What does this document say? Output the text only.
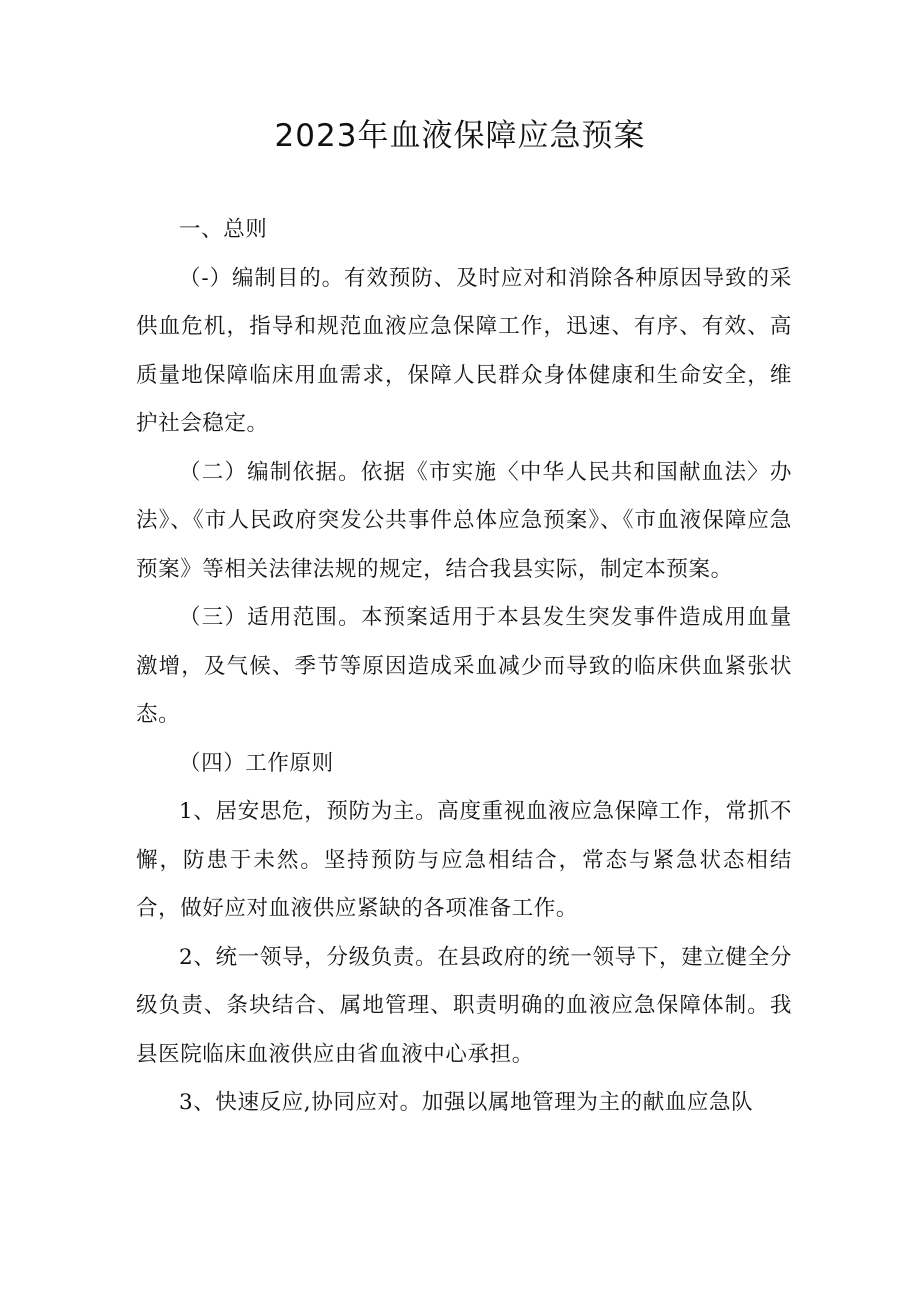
2023年血液保障应急预案

一、总则

（-）编制目的。有效预防、及时应对和消除各种原因导致的采供血危机，指导和规范血液应急保障工作，迅速、有序、有效、高质量地保障临床用血需求，保障人民群众身体健康和生命安全，维护社会稳定。

（二）编制依据。依据《市实施〈中华人民共和国献血法〉办法》、《市人民政府突发公共事件总体应急预案》、《市血液保障应急预案》等相关法律法规的规定，结合我县实际，制定本预案。

（三）适用范围。本预案适用于本县发生突发事件造成用血量激增，及气候、季节等原因造成采血减少而导致的临床供血紧张状态。

（四）工作原则

1、居安思危，预防为主。高度重视血液应急保障工作，常抓不懈，防患于未然。坚持预防与应急相结合，常态与紧急状态相结合，做好应对血液供应紧缺的各项准备工作。

2、统一领导，分级负责。在县政府的统一领导下，建立健全分级负责、条块结合、属地管理、职责明确的血液应急保障体制。我县医院临床血液供应由省血液中心承担。

3、快速反应,协同应对。加强以属地管理为主的献血应急队
